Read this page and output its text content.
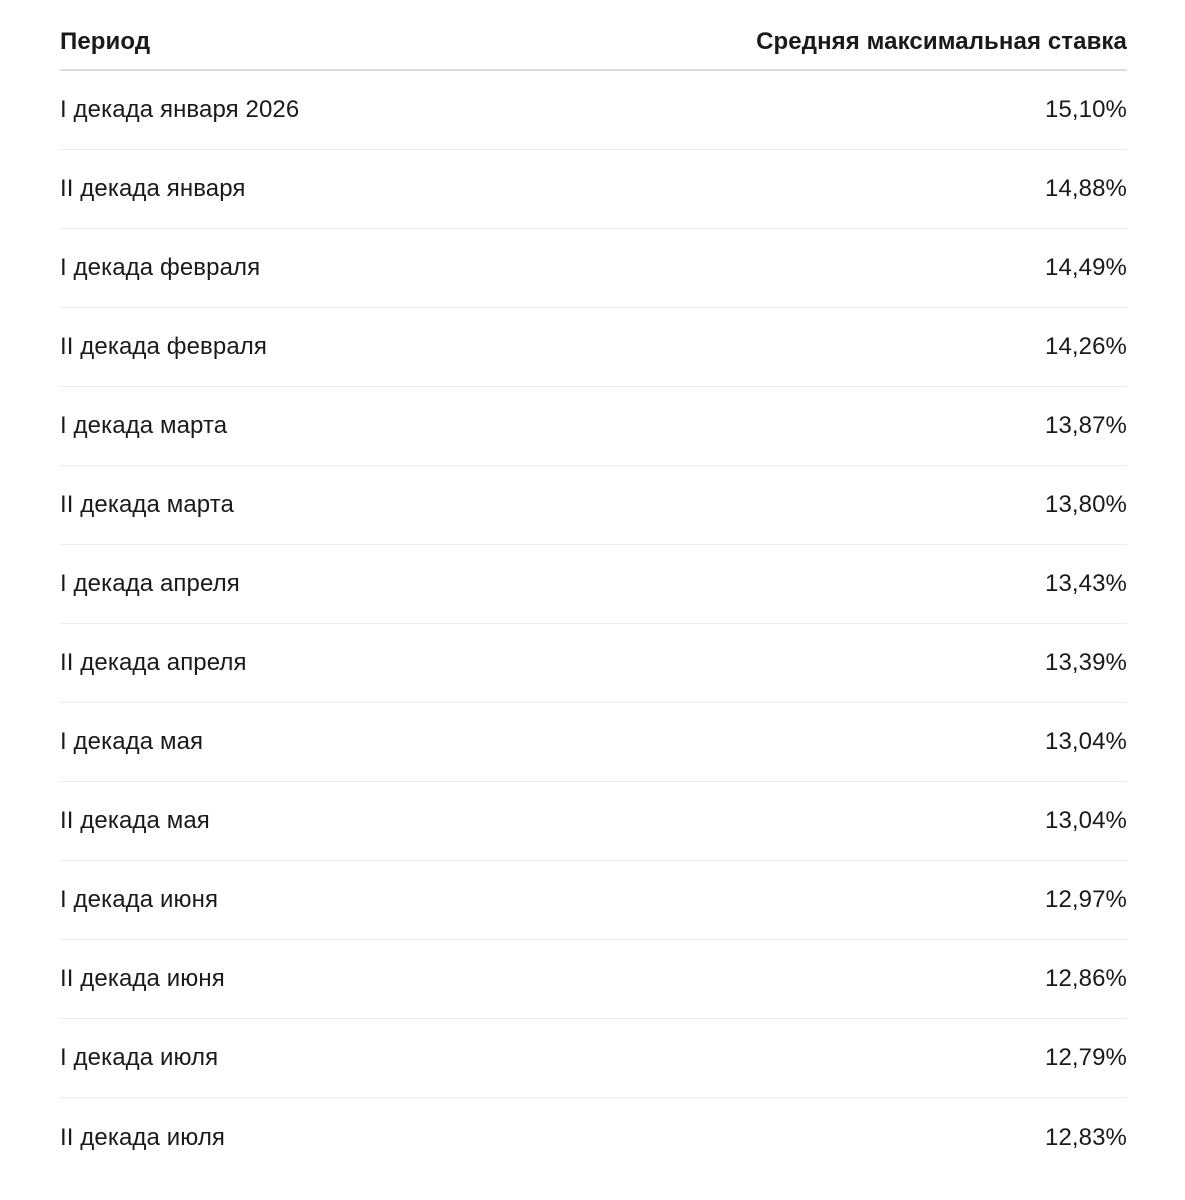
Период	Средняя максимальная ставка
I декада января 2026	15,10%
II декада января	14,88%
I декада февраля	14,49%
II декада февраля	14,26%
I декада марта	13,87%
II декада марта	13,80%
I декада апреля	13,43%
II декада апреля	13,39%
I декада мая	13,04%
II декада мая	13,04%
I декада июня	12,97%
II декада июня	12,86%
I декада июля	12,79%
II декада июля	12,83%
